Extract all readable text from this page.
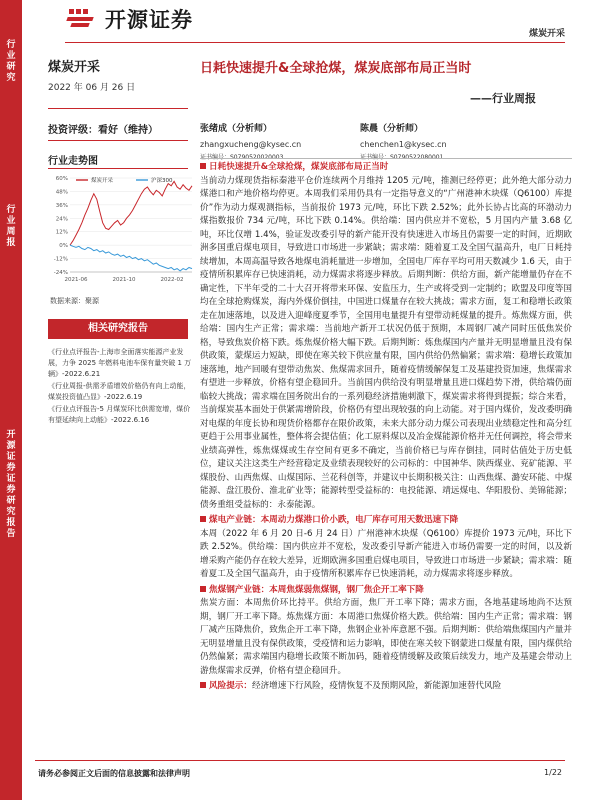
行业研究
行业周报
开源证券证券研究报告
开源证券
煤炭开采
煤炭开采
2022 年 06 月 26 日
投资评级：看好（维持）
行业走势图
-24%
-12%
0%
12%
24%
36%
48%
60%
2021-06	2021-10	2022-02
煤炭开采	沪深300
数据来源：聚源
相关研究报告
《行业点评报告-上海市全面落实能源产业发展，力争 2025 年燃料电池车保有量突破 1 万辆》-2022.6.21
《行业周报-供需矛盾增效价格仍有向上动能，煤炭投资值凸显》-2022.6.19
《行业点评报告-5 月煤炭环比供需宽增，煤价有望延续向上动能》-2022.6.16
日耗快速提升&全球抢煤，煤炭底部布局正当时
——行业周报
张绪成（分析师）
zhangxucheng@kysec.cn
陈晨（分析师）
chenchen1@kysec.cn

日耗快速提升&全球抢煤，煤炭底部布局正当时

当前动力煤现货指标秦港平仓价连续两个月维持 1205 元/吨，推测已经停更；此外绝大部分动力煤港口和产地价格均停更。本周我们采用仍具有一定指导意义的“广州港神木块煤（Q6100）库提价”作为动力煤观测指标，当前报价 1973 元/吨，环比下跌 2.52%；此外长协占比高的环渤动力煤指数报价 734 元/吨，环比下跌 0.14%。供给端：国内供应并不宽松，5 月国内产量 3.68 亿吨，环比仅增 1.4%，验证发改委引导的新产能开没有快速进入市场且仍需要一定的时间，近期欧洲多国重启煤电项目，导致进口市场进一步紧缺；需求端：随着夏工及全国气温高升，电厂日耗持续增加，本周高温导致各地煤电消耗量进一步增加，全国电厂库存平均可用天数减少 1.6 天，由于疫情所积累库存已快速消耗，动力煤需求将逐步释放。后期判断：供给方面，新产能增量仍存在不确定性，下半年受的二十大召开将带来环保、安监压力，生产或将受到一定制约；欧盟及印度等国均在全球抢购煤炭，海内外煤价倒挂，中国进口煤量存在较大挑战；需求方面，复工和稳增长政策走在加速落地，以及进入迎峰度夏季节，全国用电量提升有望带动耗煤量的提升。炼焦煤方面，供给端：国内生产正常；需求端：当前地产新开工状况仍低于预期，本周钢厂减产同时压低焦炭价格，导致焦炭价格下跌。炼焦煤价格大幅下跌。后期判断：炼焦煤国内产量并无明显增量且没有保供政策，蒙煤运力短缺，即使在寒关较下供应量有限，国内供给仍然偏紧；需求端：稳增长政策加速落地，地产回暖有望带动焦炭、焦煤需求回升，随着疫情缓解保复工及基建投资加速，焦煤需求有望进一步释放，价格有望企稳回升。当前国内供给没有明显增量且进口煤趋势下滑，供给端仍面临较大挑战；需求端在国务院出台的一系列稳经济措施刺激下，煤炭需求将得到提振；综合来看，当前煤炭基本面处于供紧需增阶段，价格仍有望出现较强的向上动能。对于国内煤价，发改委明确对电煤的年度长协和现货价格都存在限价政策，未来大部分动力煤公司表现出业绩稳定性和高分红更趋于公用事业属性，整体将会提估值；化工原料煤以及冶金煤能源价格并无任何调控，将会带来业绩高弹性，炼焦煤煤或生存空间有更多不确定，当前价格已与库存倒挂，同时估值处于历史低位，建议关注这类生产经营稳定及业绩表现较好的公司标的：中国神华、陕西煤业、兖矿能源、平煤股份、山西焦煤、山煤国际、兰花科创等，并建议中长期积极关注：山西焦煤、潞安环能、中煤能源、盘江股份、淮北矿业等；能源转型受益标的：电投能源、靖远煤电、华阳股份、美锦能源；债务重组受益标的：永泰能源。

煤电产业链：本周动力煤港口价小跌，电厂库存可用天数迅速下降

本周（2022 年 6 月 20 日-6 月 24 日）广州港神木块煤（Q6100）库提价 1973 元/吨，环比下跌 2.52%。供给端：国内供应并不宽松，发改委引导新产能进入市场仍需要一定的时间，以及新增采购产能仍存在较大差异，近期欧洲多国重启煤电项目，导致进口市场进一步紧缺；需求端：随着夏工及全国气温高升，由于疫情所积累库存已快速消耗，动力煤需求将逐步释放。

焦煤钢产业链：本周焦煤弱焦煤钢，钢厂焦企开工率下降

焦炭方面：本周焦价环比持平。供给方面，焦厂开工率下降；需求方面，各地基建场地尚不达预期，钢厂开工率下降。炼焦煤方面：本周港口焦煤价格大跌。供给端：国内生产正常；需求端：钢厂减产压降焦价，致焦企开工率下降，焦钢企业补库意愿不强。后期判断：供给端焦煤国内产量并无明显增量且没有保供政策，受疫情和运力影响，即使在寒关较下钢蒙进口煤量有限，国内煤供给仍然偏紧；需求端国内稳增长政策不断加码，随着疫情缓解及政策后续发力，地产及基建会带动上游焦煤需求反弹，价格有望企稳回升。

风险提示：经济增速下行风险，疫情恢复不及预期风险，新能源加速替代风险

请务必参阅正文后面的信息披露和法律声明	1/22
